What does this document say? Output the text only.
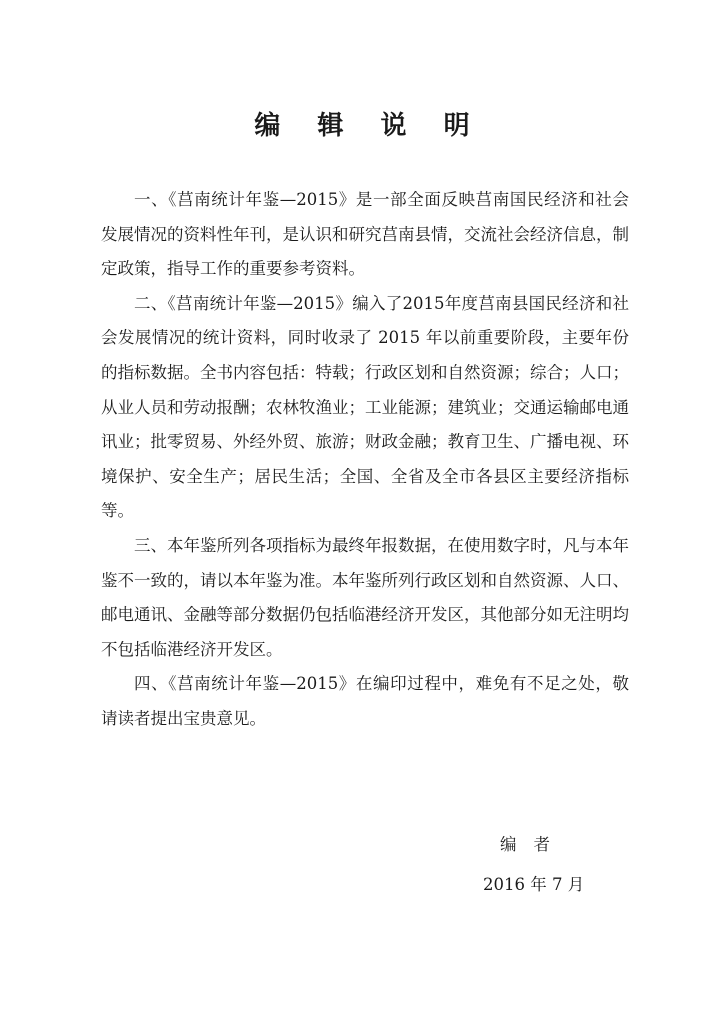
编 辑 说 明

一、《莒南统计年鉴—2015》是一部全面反映莒南国民经济和社会发展情况的资料性年刊，是认识和研究莒南县情，交流社会经济信息，制定政策，指导工作的重要参考资料。

二、《莒南统计年鉴—2015》编入了2015年度莒南县国民经济和社会发展情况的统计资料，同时收录了 2015 年以前重要阶段，主要年份的指标数据。全书内容包括：特载；行政区划和自然资源；综合；人口；从业人员和劳动报酬；农林牧渔业；工业能源；建筑业；交通运输邮电通讯业；批零贸易、外经外贸、旅游；财政金融；教育卫生、广播电视、环境保护、安全生产；居民生活；全国、全省及全市各县区主要经济指标等。

三、本年鉴所列各项指标为最终年报数据，在使用数字时，凡与本年鉴不一致的，请以本年鉴为准。本年鉴所列行政区划和自然资源、人口、邮电通讯、金融等部分数据仍包括临港经济开发区，其他部分如无注明均不包括临港经济开发区。

四、《莒南统计年鉴—2015》在编印过程中，难免有不足之处，敬请读者提出宝贵意见。

编者
2016 年 7 月
